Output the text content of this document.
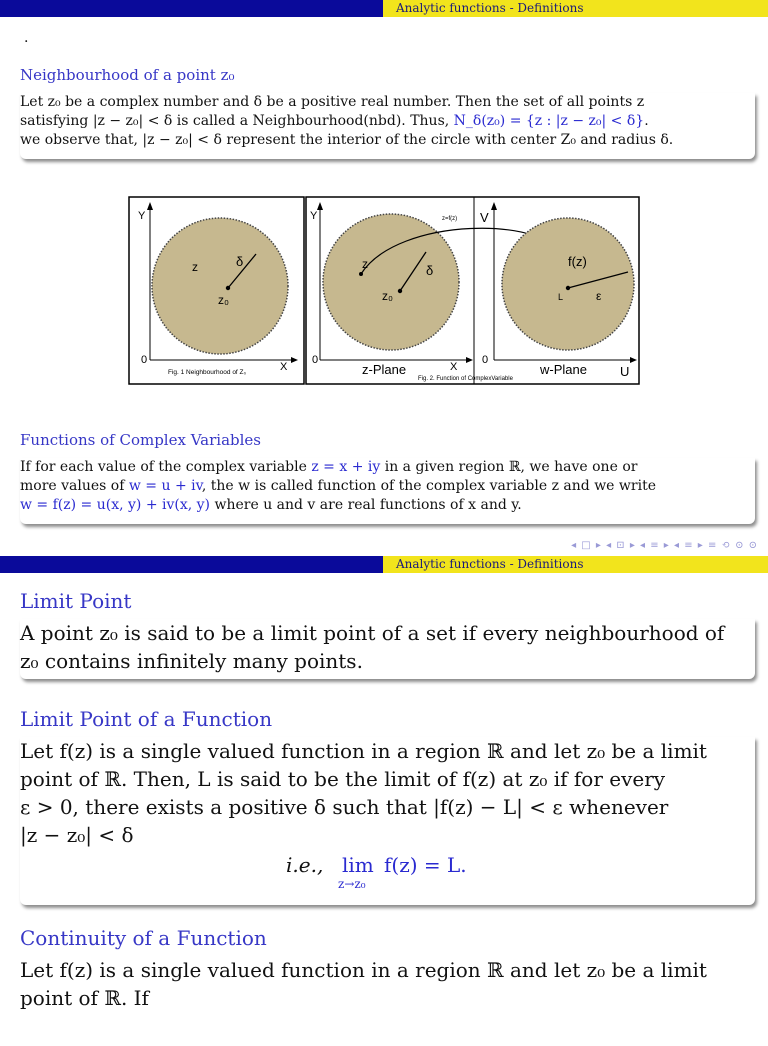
Analytic functions - Definitions
.
Neighbourhood of a point z₀
Let z₀ be a complex number and δ be a positive real number. Then the set of all points z
satisfying |z − z₀| < δ is called a Neighbourhood(nbd). Thus, N_δ(z₀) = {z : |z − z₀| < δ}.
we observe that, |z − z₀| < δ represent the interior of the circle with center Z₀ and radius δ.
Y
X
0
z	δ
z₀
Fig. 1 Neighbourhood of Z₀
Y
X
0
z	δ
z₀
z-Plane
Fig. 2. Function of ComplexVariable
z=f(z) V
U
0
f(z)
L	ε
w-Plane
Functions of Complex Variables
If for each value of the complex variable z = x + iy in a given region ℝ, we have one or
more values of w = u + iv, the w is called function of the complex variable z and we write
w = f(z) = u(x, y) + iv(x, y) where u and v are real functions of x and y.
◂ □ ▸ ◂ ⊡ ▸ ◂ ≡ ▸ ◂ ≡ ▸ ≡ ⟲ ⊙ ⊙
Analytic functions - Definitions
Limit Point
A point z₀ is said to be a limit point of a set if every neighbourhood of
z₀ contains infinitely many points.
Limit Point of a Function
Let f(z) is a single valued function in a region ℝ and let z₀ be a limit
point of ℝ. Then, L is said to be the limit of f(z) at z₀ if for every
ε > 0, there exists a positive δ such that |f(z) − L| < ε whenever
|z − z₀| < δ
i.e., lim
z→z₀
f(z) = L.
Continuity of a Function
Let f(z) is a single valued function in a region ℝ and let z₀ be a limit
point of ℝ. If
